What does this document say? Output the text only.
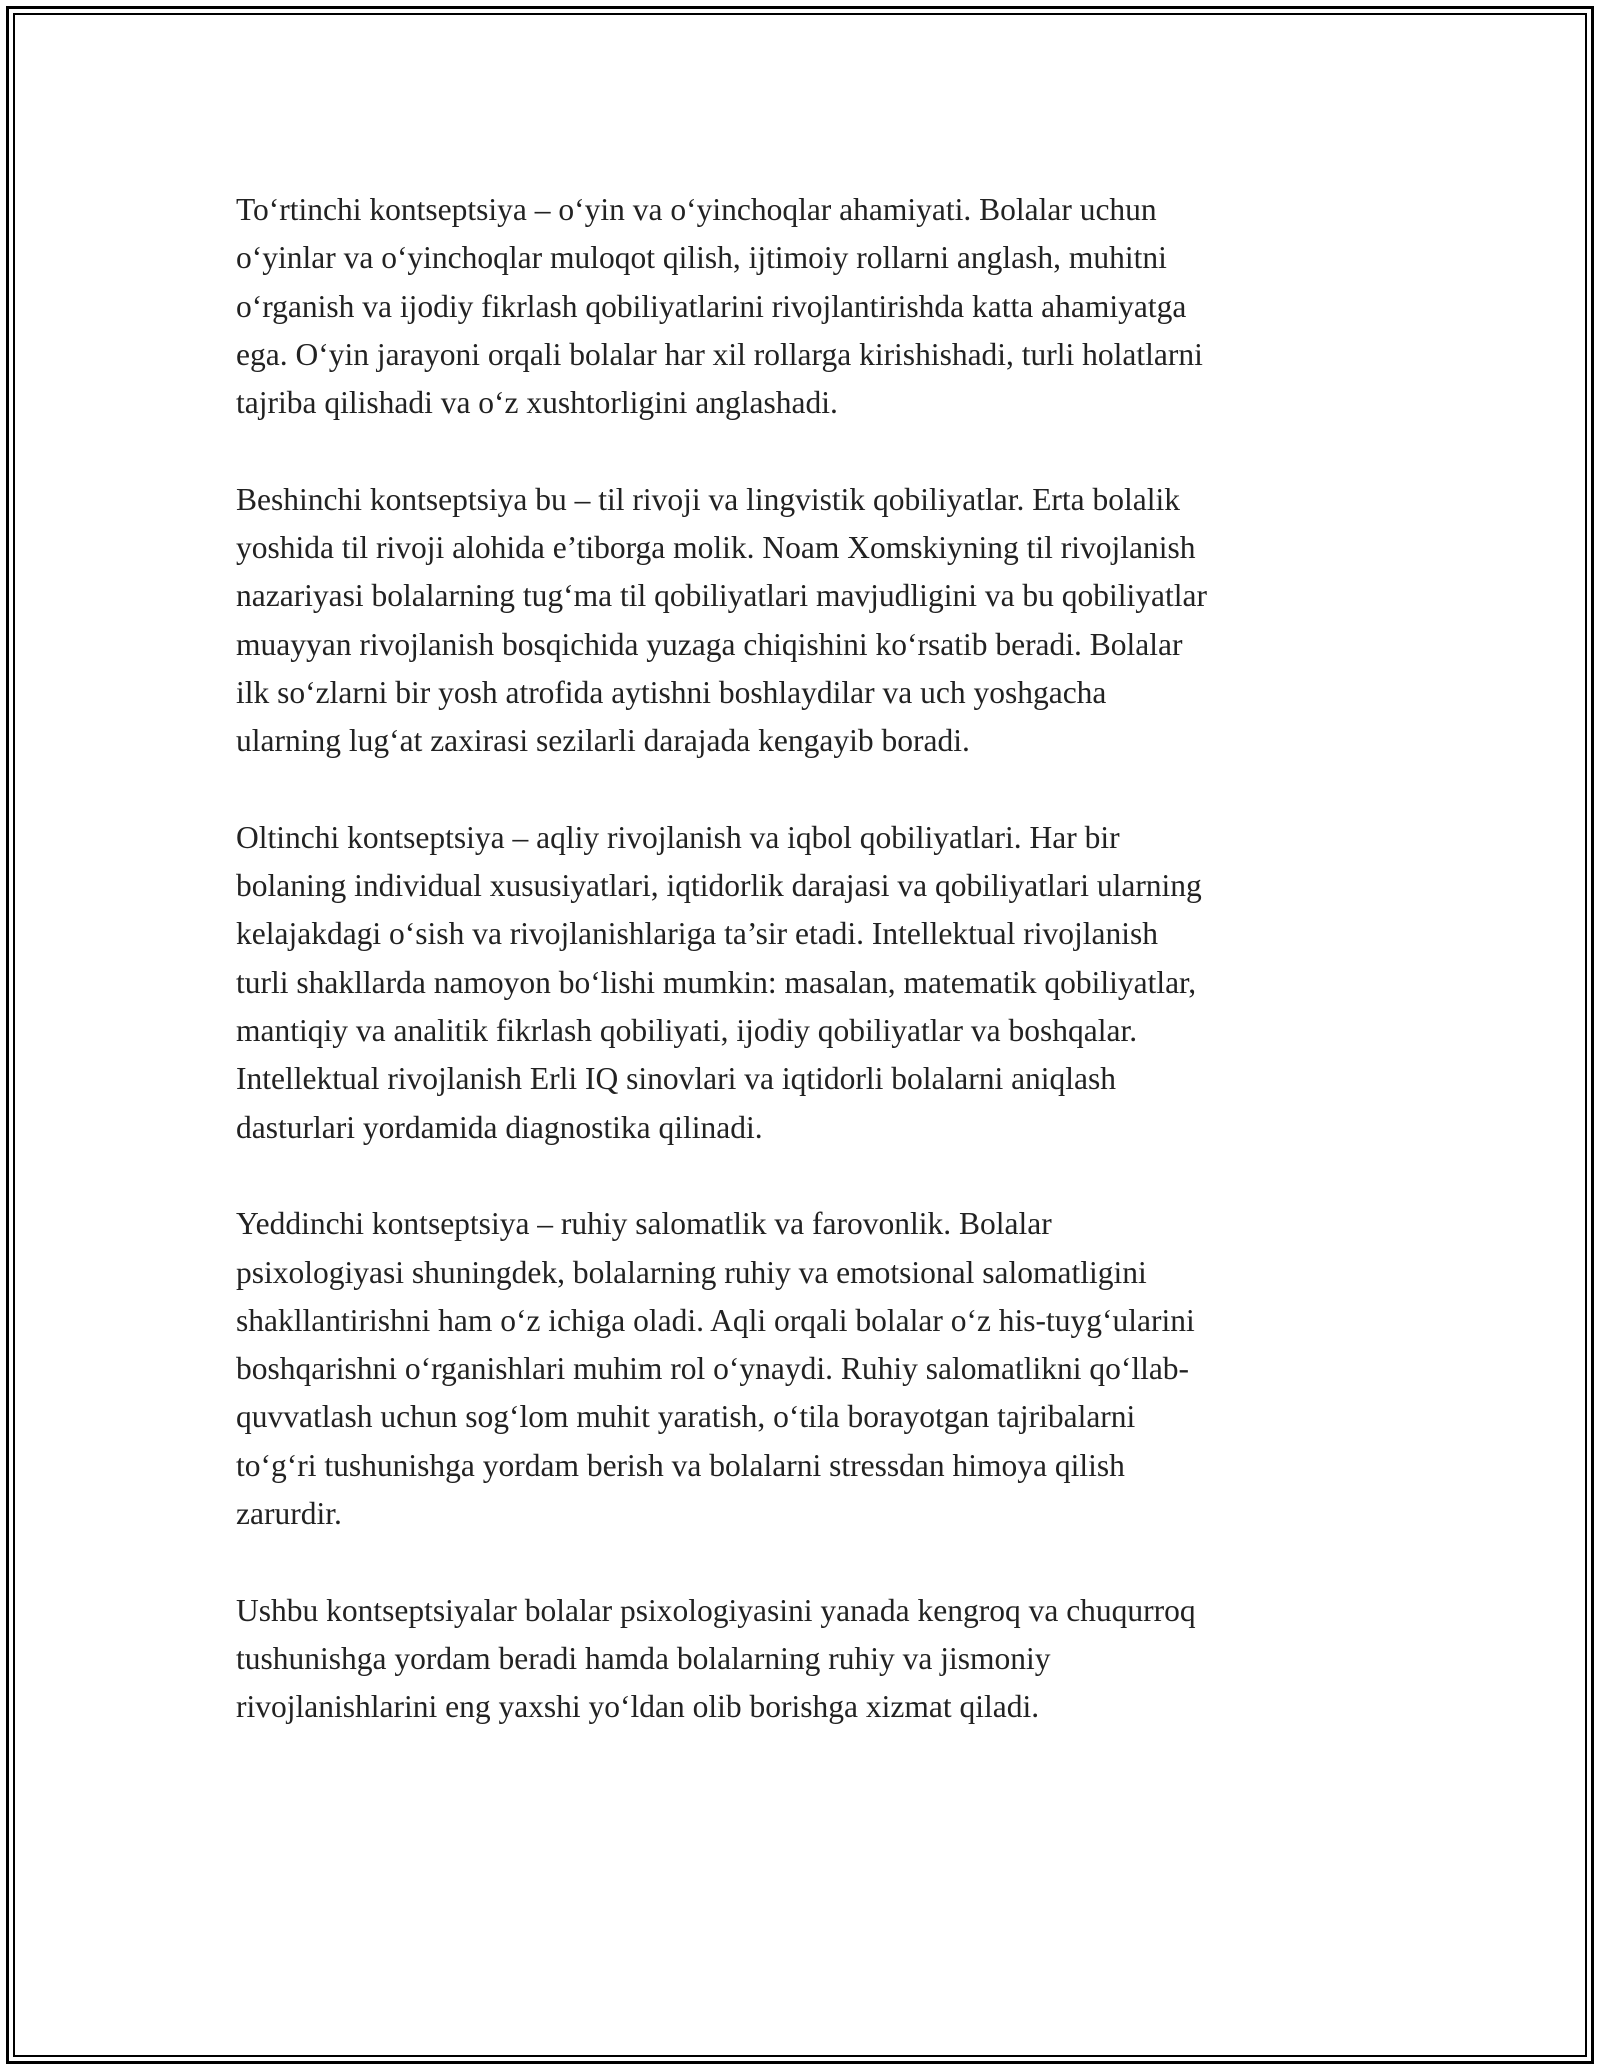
To‘rtinchi kontseptsiya – o‘yin va o‘yinchoqlar ahamiyati. Bolalar uchun
o‘yinlar va o‘yinchoqlar muloqot qilish, ijtimoiy rollarni anglash, muhitni
o‘rganish va ijodiy fikrlash qobiliyatlarini rivojlantirishda katta ahamiyatga
ega. O‘yin jarayoni orqali bolalar har xil rollarga kirishishadi, turli holatlarni
tajriba qilishadi va o‘z xushtorligini anglashadi.

Beshinchi kontseptsiya bu – til rivoji va lingvistik qobiliyatlar. Erta bolalik
yoshida til rivoji alohida e’tiborga molik. Noam Xomskiyning til rivojlanish
nazariyasi bolalarning tug‘ma til qobiliyatlari mavjudligini va bu qobiliyatlar
muayyan rivojlanish bosqichida yuzaga chiqishini ko‘rsatib beradi. Bolalar
ilk so‘zlarni bir yosh atrofida aytishni boshlaydilar va uch yoshgacha
ularning lug‘at zaxirasi sezilarli darajada kengayib boradi.

Oltinchi kontseptsiya – aqliy rivojlanish va iqbol qobiliyatlari. Har bir
bolaning individual xususiyatlari, iqtidorlik darajasi va qobiliyatlari ularning
kelajakdagi o‘sish va rivojlanishlariga ta’sir etadi. Intellektual rivojlanish
turli shakllarda namoyon bo‘lishi mumkin: masalan, matematik qobiliyatlar,
mantiqiy va analitik fikrlash qobiliyati, ijodiy qobiliyatlar va boshqalar.
Intellektual rivojlanish Erli IQ sinovlari va iqtidorli bolalarni aniqlash
dasturlari yordamida diagnostika qilinadi.

Yeddinchi kontseptsiya – ruhiy salomatlik va farovonlik. Bolalar
psixologiyasi shuningdek, bolalarning ruhiy va emotsional salomatligini
shakllantirishni ham o‘z ichiga oladi. Aqli orqali bolalar o‘z his-tuyg‘ularini
boshqarishni o‘rganishlari muhim rol o‘ynaydi. Ruhiy salomatlikni qo‘llab-
quvvatlash uchun sog‘lom muhit yaratish, o‘tila borayotgan tajribalarni
to‘g‘ri tushunishga yordam berish va bolalarni stressdan himoya qilish
zarurdir.

Ushbu kontseptsiyalar bolalar psixologiyasini yanada kengroq va chuqurroq
tushunishga yordam beradi hamda bolalarning ruhiy va jismoniy
rivojlanishlarini eng yaxshi yo‘ldan olib borishga xizmat qiladi.
